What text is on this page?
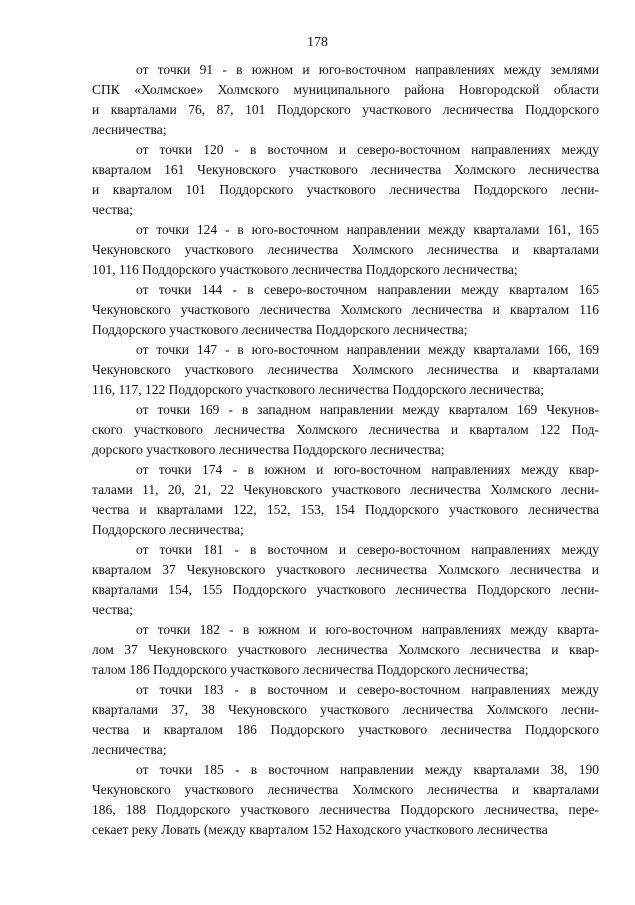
178
от точки 91 - в южном и юго-восточном направлениях между землями
СПК «Холмское» Холмского муниципального района Новгородской области
и кварталами 76, 87, 101 Поддорского участкового лесничества Поддорского
лесничества;
от точки 120 - в восточном и северо-восточном направлениях между
кварталом 161 Чекуновского участкового лесничества Холмского лесничества
и кварталом 101 Поддорского участкового лесничества Поддорского лесни-
чества;
от точки 124 - в юго-восточном направлении между кварталами 161, 165
Чекуновского участкового лесничества Холмского лесничества и кварталами
101, 116 Поддорского участкового лесничества Поддорского лесничества;
от точки 144 - в северо-восточном направлении между кварталом 165
Чекуновского участкового лесничества Холмского лесничества и кварталом 116
Поддорского участкового лесничества Поддорского лесничества;
от точки 147 - в юго-восточном направлении между кварталами 166, 169
Чекуновского участкового лесничества Холмского лесничества и кварталами
116, 117, 122 Поддорского участкового лесничества Поддорского лесничества;
от точки 169 - в западном направлении между кварталом 169 Чекунов-
ского участкового лесничества Холмского лесничества и кварталом 122 Под-
дорского участкового лесничества Поддорского лесничества;
от точки 174 - в южном и юго-восточном направлениях между квар-
талами 11, 20, 21, 22 Чекуновского участкового лесничества Холмского лесни-
чества и кварталами 122, 152, 153, 154 Поддорского участкового лесничества
Поддорского лесничества;
от точки 181 - в восточном и северо-восточном направлениях между
кварталом 37 Чекуновского участкового лесничества Холмского лесничества и
кварталами 154, 155 Поддорского участкового лесничества Поддорского лесни-
чества;
от точки 182 - в южном и юго-восточном направлениях между кварта-
лом 37 Чекуновского участкового лесничества Холмского лесничества и квар-
талом 186 Поддорского участкового лесничества Поддорского лесничества;
от точки 183 - в восточном и северо-восточном направлениях между
кварталами 37, 38 Чекуновского участкового лесничества Холмского лесни-
чества и кварталом 186 Поддорского участкового лесничества Поддорского
лесничества;
от точки 185 - в восточном направлении между кварталами 38, 190
Чекуновского участкового лесничества Холмского лесничества и кварталами
186, 188 Поддорского участкового лесничества Поддорского лесничества, пере-
секает реку Ловать (между кварталом 152 Находского участкового лесничества
